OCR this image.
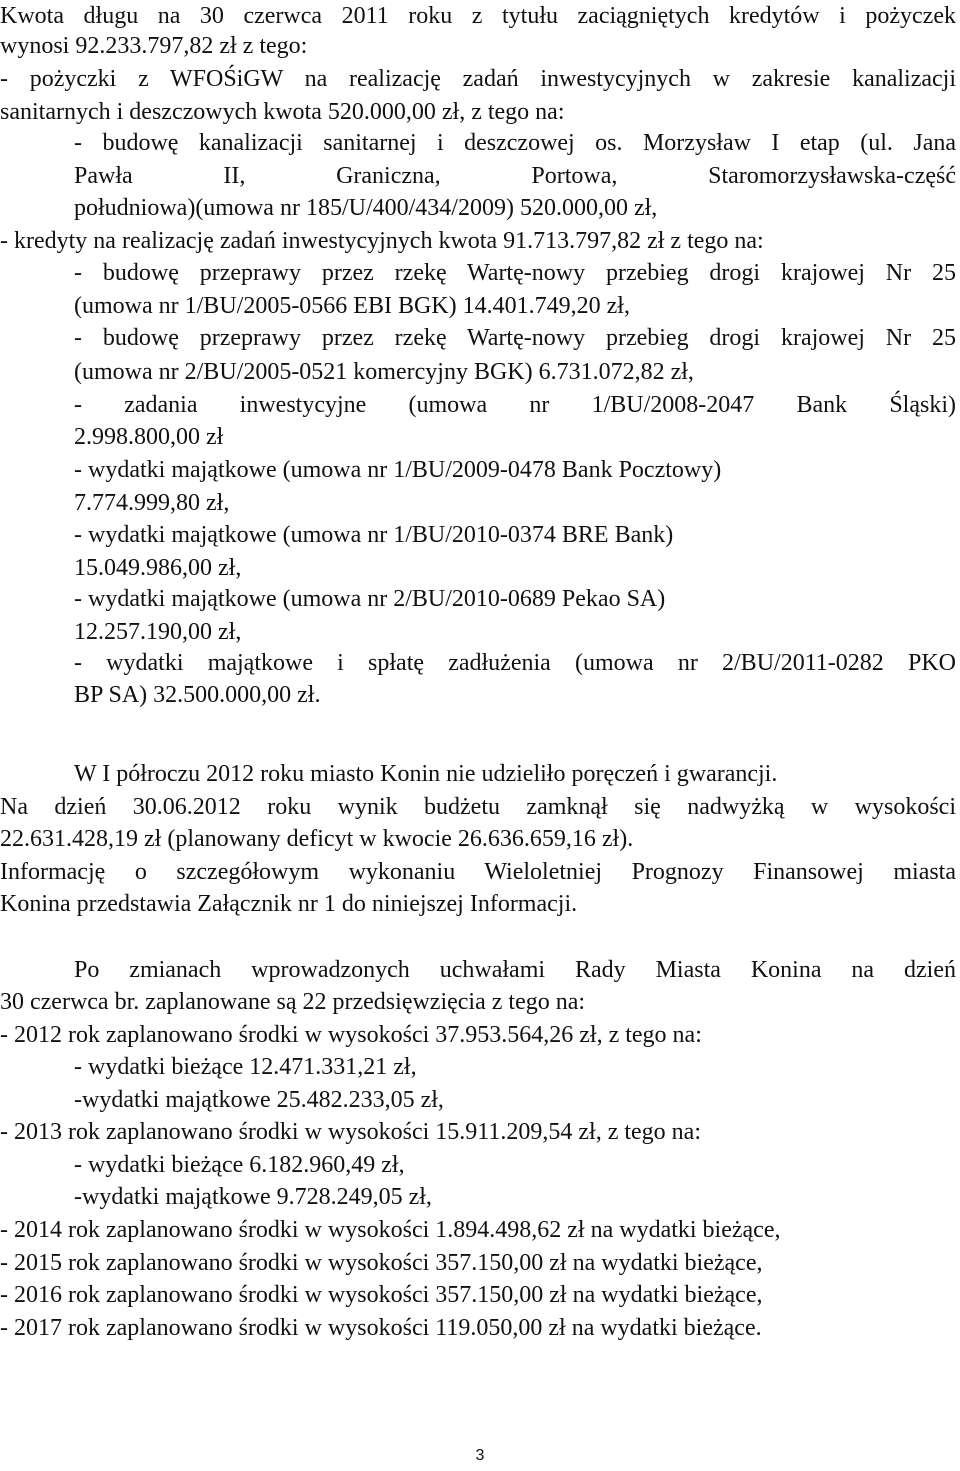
Kwota długu na 30 czerwca 2011 roku z tytułu zaciągniętych kredytów i pożyczek
wynosi 92.233.797,82 zł z tego:
- pożyczki z WFOŚiGW na realizację zadań inwestycyjnych w zakresie kanalizacji
sanitarnych i deszczowych kwota 520.000,00 zł, z tego na:
- budowę kanalizacji sanitarnej i deszczowej os. Morzysław I etap (ul. Jana
Pawła II, Graniczna, Portowa, Staromorzysławska-część
południowa)(umowa nr 185/U/400/434/2009) 520.000,00 zł,
- kredyty na realizację zadań inwestycyjnych kwota 91.713.797,82 zł z tego na:
- budowę przeprawy przez rzekę Wartę-nowy przebieg drogi krajowej Nr 25
(umowa nr 1/BU/2005-0566 EBI BGK) 14.401.749,20 zł,
- budowę przeprawy przez rzekę Wartę-nowy przebieg drogi krajowej Nr 25
(umowa nr 2/BU/2005-0521 komercyjny BGK) 6.731.072,82 zł,
- zadania inwestycyjne (umowa nr 1/BU/2008-2047 Bank Śląski)
2.998.800,00 zł
- wydatki majątkowe (umowa nr 1/BU/2009-0478 Bank Pocztowy)
7.774.999,80 zł,
- wydatki majątkowe (umowa nr 1/BU/2010-0374 BRE Bank)
15.049.986,00 zł,
- wydatki majątkowe (umowa nr 2/BU/2010-0689 Pekao SA)
12.257.190,00 zł,
- wydatki majątkowe i spłatę zadłużenia (umowa nr 2/BU/2011-0282 PKO
BP SA) 32.500.000,00 zł.
W I półroczu 2012 roku miasto Konin nie udzieliło poręczeń i gwarancji.
Na dzień 30.06.2012 roku wynik budżetu zamknął się nadwyżką w wysokości
22.631.428,19 zł (planowany deficyt w kwocie 26.636.659,16 zł).
Informację o szczegółowym wykonaniu Wieloletniej Prognozy Finansowej miasta
Konina przedstawia Załącznik nr 1 do niniejszej Informacji.
Po zmianach wprowadzonych uchwałami Rady Miasta Konina na dzień
30 czerwca br. zaplanowane są 22 przedsięwzięcia z tego na:
- 2012 rok zaplanowano środki w wysokości 37.953.564,26 zł, z tego na:
- wydatki bieżące 12.471.331,21 zł,
-wydatki majątkowe 25.482.233,05 zł,
- 2013 rok zaplanowano środki w wysokości 15.911.209,54 zł, z tego na:
- wydatki bieżące 6.182.960,49 zł,
-wydatki majątkowe 9.728.249,05 zł,
- 2014 rok zaplanowano środki w wysokości 1.894.498,62 zł na wydatki bieżące,
- 2015 rok zaplanowano środki w wysokości 357.150,00 zł na wydatki bieżące,
- 2016 rok zaplanowano środki w wysokości 357.150,00 zł na wydatki bieżące,
- 2017 rok zaplanowano środki w wysokości 119.050,00 zł na wydatki bieżące.
3
